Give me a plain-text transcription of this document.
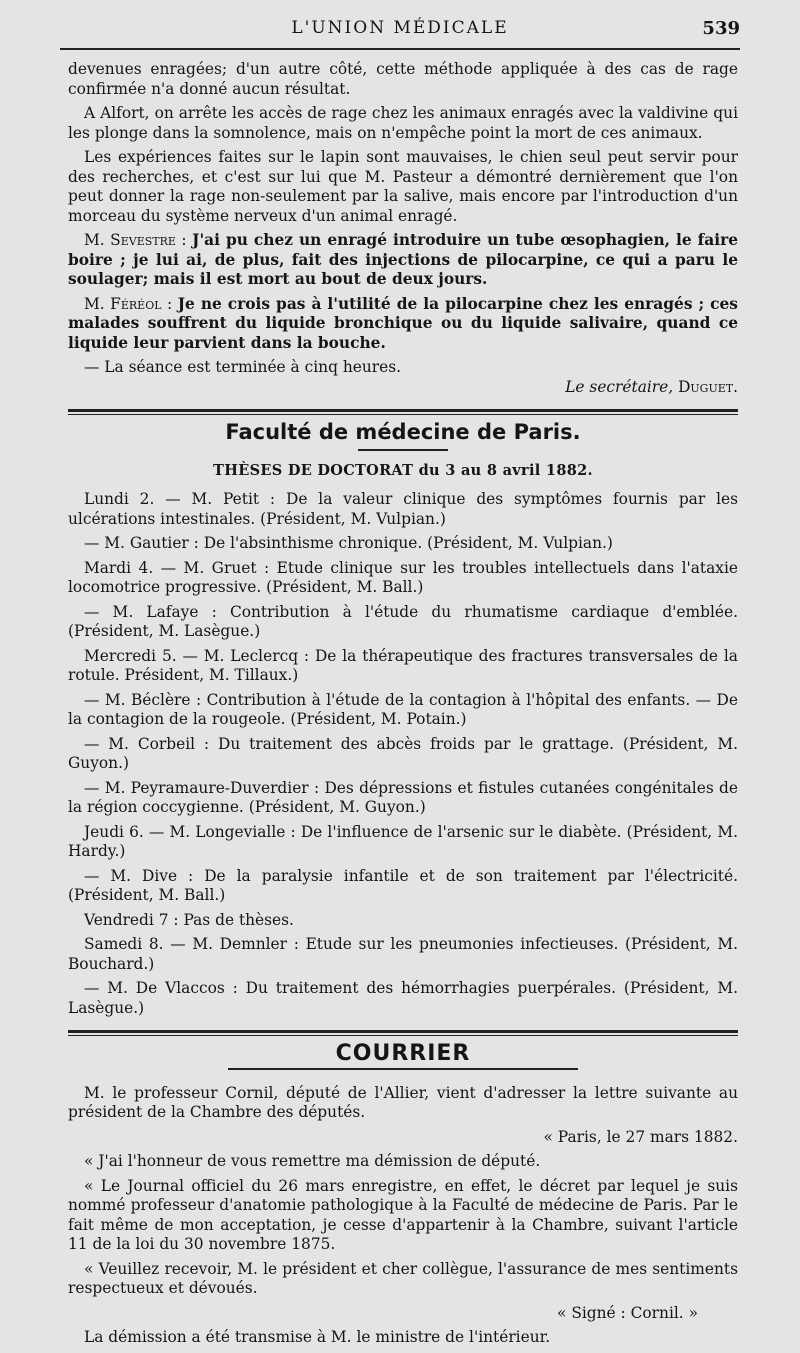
L'UNION MÉDICALE	539

devenues enragées; d'un autre côté, cette méthode appliquée à des cas de rage confirmée n'a donné aucun résultat.

A Alfort, on arrête les accès de rage chez les animaux enragés avec la valdivine qui les plonge dans la somnolence, mais on n'empêche point la mort de ces animaux.

Les expériences faites sur le lapin sont mauvaises, le chien seul peut servir pour des recherches, et c'est sur lui que M. Pasteur a démontré dernièrement que l'on peut donner la rage non-seulement par la salive, mais encore par l'introduction d'un morceau du système nerveux d'un animal enragé.

M. Sevestre : J'ai pu chez un enragé introduire un tube œsophagien, le faire boire ; je lui ai, de plus, fait des injections de pilocarpine, ce qui a paru le soulager; mais il est mort au bout de deux jours.

M. Féréol : Je ne crois pas à l'utilité de la pilocarpine chez les enragés ; ces malades souffrent du liquide bronchique ou du liquide salivaire, quand ce liquide leur parvient dans la bouche.

— La séance est terminée à cinq heures.

Le secrétaire, Duguet.

Faculté de médecine de Paris.
THÈSES DE DOCTORAT du 3 au 8 avril 1882.

Lundi 2. — M. Petit : De la valeur clinique des symptômes fournis par les ulcérations intestinales. (Président, M. Vulpian.)

— M. Gautier : De l'absinthisme chronique. (Président, M. Vulpian.)

Mardi 4. — M. Gruet : Etude clinique sur les troubles intellectuels dans l'ataxie locomotrice progressive. (Président, M. Ball.)

— M. Lafaye : Contribution à l'étude du rhumatisme cardiaque d'emblée. (Président, M. Lasègue.)

Mercredi 5. — M. Leclercq : De la thérapeutique des fractures transversales de la rotule. Président, M. Tillaux.)

— M. Béclère : Contribution à l'étude de la contagion à l'hôpital des enfants. — De la contagion de la rougeole. (Président, M. Potain.)

— M. Corbeil : Du traitement des abcès froids par le grattage. (Président, M. Guyon.)

— M. Peyramaure-Duverdier : Des dépressions et fistules cutanées congénitales de la région coccygienne. (Président, M. Guyon.)

Jeudi 6. — M. Longevialle : De l'influence de l'arsenic sur le diabète. (Président, M. Hardy.)

— M. Dive : De la paralysie infantile et de son traitement par l'électricité. (Président, M. Ball.)

Vendredi 7 : Pas de thèses.

Samedi 8. — M. Demnler : Etude sur les pneumonies infectieuses. (Président, M. Bouchard.)

— M. De Vlaccos : Du traitement des hémorrhagies puerpérales. (Président, M. Lasègue.)

COURRIER

M. le professeur Cornil, député de l'Allier, vient d'adresser la lettre suivante au président de la Chambre des députés.

« Paris, le 27 mars 1882.

« J'ai l'honneur de vous remettre ma démission de député.

« Le Journal officiel du 26 mars enregistre, en effet, le décret par lequel je suis nommé professeur d'anatomie pathologique à la Faculté de médecine de Paris. Par le fait même de mon acceptation, je cesse d'appartenir à la Chambre, suivant l'article 11 de la loi du 30 novembre 1875.

« Veuillez recevoir, M. le président et cher collègue, l'assurance de mes sentiments respectueux et dévoués.

« Signé : Cornil. »

La démission a été transmise à M. le ministre de l'intérieur.
